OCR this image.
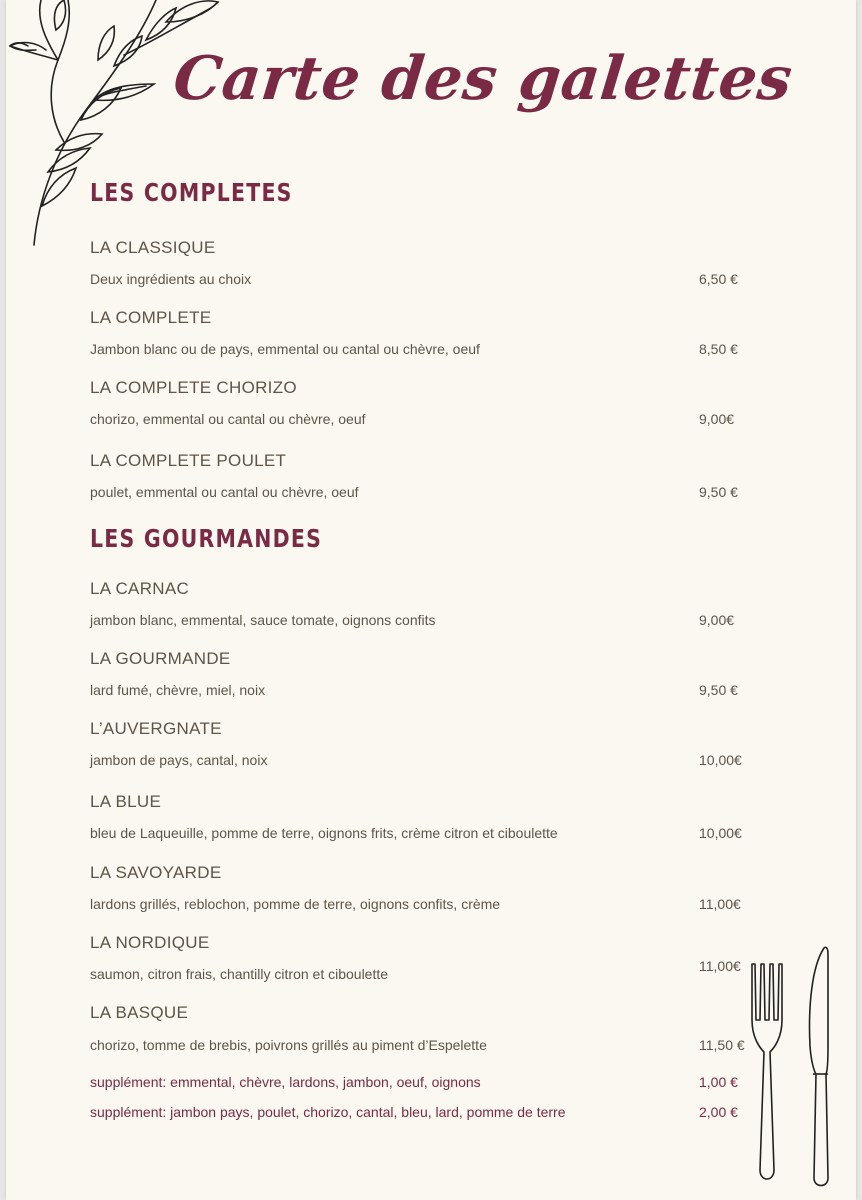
Carte des galettes
LES COMPLETES
LA CLASSIQUE
Deux ingrédients au choix	6,50 €
LA COMPLETE
Jambon blanc ou de pays, emmental ou cantal ou chèvre, oeuf	8,50 €
LA COMPLETE CHORIZO
chorizo, emmental ou cantal ou chèvre, oeuf	9,00€
LA COMPLETE POULET
poulet, emmental ou cantal ou chèvre, oeuf	9,50 €
LES GOURMANDES
LA CARNAC
jambon blanc, emmental, sauce tomate, oignons confits	9,00€
LA GOURMANDE
lard fumé, chèvre, miel, noix	9,50 €
L’AUVERGNATE
jambon de pays, cantal, noix	10,00€
LA BLUE
bleu de Laqueuille, pomme de terre, oignons frits, crème citron et ciboulette	10,00€
LA SAVOYARDE
lardons grillés, reblochon, pomme de terre, oignons confits, crème	11,00€
LA NORDIQUE
saumon, citron frais, chantilly citron et ciboulette	11,00€
LA BASQUE
chorizo, tomme de brebis, poivrons grillés au piment d’Espelette	11,50 €
supplément: emmental, chèvre, lardons, jambon, oeuf, oignons	1,00 €
supplément: jambon pays, poulet, chorizo, cantal, bleu, lard, pomme de terre	2,00 €
